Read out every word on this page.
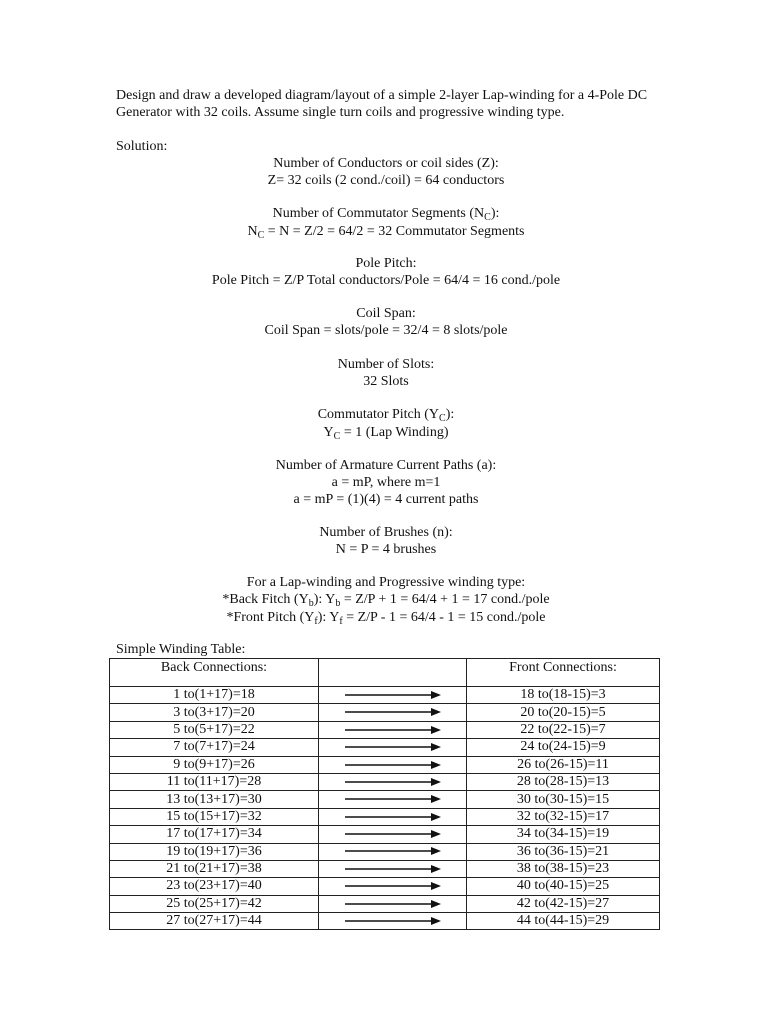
Design and draw a developed diagram/layout of a simple 2-layer Lap-winding for a 4-Pole DC Generator with 32 coils. Assume single turn coils and progressive winding type.

Solution:

Number of Conductors or coil sides (Z):
Z= 32 coils (2 cond./coil) = 64 conductors
Number of Commutator Segments $(N_C)$:
$N_C = N = Z/2 = 64/2 = 32$ Commutator Segments
Pole Pitch:
Pole Pitch = Z/P Total conductors/Pole = 64/4 = 16 cond./pole
Coil Span:
Coil Span = slots/pole = 32/4 = 8 slots/pole
Number of Slots:
32 Slots
Commutator Pitch $(Y_C)$:
$Y_C = 1$ (Lap Winding)
Number of Armature Current Paths (a):
a = mP, where m=1
a = mP = (1)(4) = 4 current paths
Number of Brushes (n):
N = P = 4 brushes
For a Lap-winding and Progressive winding type:
*Back Fitch $(Y_b)$: $Y_b = Z/P + 1 = 64/4 + 1 = 17$ cond./pole
*Front Pitch $(Y_f)$: $Y_f = Z/P - 1 = 64/4 - 1 = 15$ cond./pole

Simple Winding Table:

Back Connections:		Front Connections:
1 to(1+17)=18		18 to(18-15)=3
3 to(3+17)=20		20 to(20-15)=5
5 to(5+17)=22		22 to(22-15)=7
7 to(7+17)=24		24 to(24-15)=9
9 to(9+17)=26		26 to(26-15)=11
11 to(11+17)=28		28 to(28-15)=13
13 to(13+17)=30		30 to(30-15)=15
15 to(15+17)=32		32 to(32-15)=17
17 to(17+17)=34		34 to(34-15)=19
19 to(19+17)=36		36 to(36-15)=21
21 to(21+17)=38		38 to(38-15)=23
23 to(23+17)=40		40 to(40-15)=25
25 to(25+17)=42		42 to(42-15)=27
27 to(27+17)=44		44 to(44-15)=29
